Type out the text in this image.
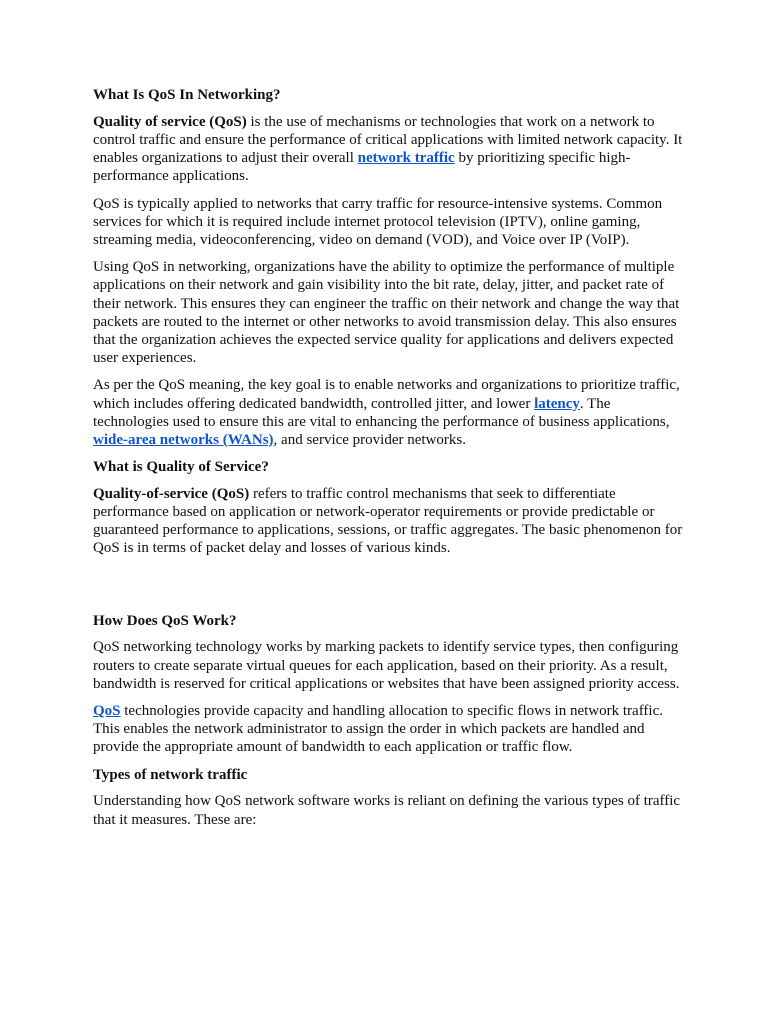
What Is QoS In Networking?

Quality of service (QoS) is the use of mechanisms or technologies that work on a network to control traffic and ensure the performance of critical applications with limited network capacity. It enables organizations to adjust their overall network traffic by prioritizing specific high-performance applications.

QoS is typically applied to networks that carry traffic for resource-intensive systems. Common services for which it is required include internet protocol television (IPTV), online gaming, streaming media, videoconferencing, video on demand (VOD), and Voice over IP (VoIP).

Using QoS in networking, organizations have the ability to optimize the performance of multiple applications on their network and gain visibility into the bit rate, delay, jitter, and packet rate of their network. This ensures they can engineer the traffic on their network and change the way that packets are routed to the internet or other networks to avoid transmission delay. This also ensures that the organization achieves the expected service quality for applications and delivers expected user experiences.

As per the QoS meaning, the key goal is to enable networks and organizations to prioritize traffic, which includes offering dedicated bandwidth, controlled jitter, and lower latency. The technologies used to ensure this are vital to enhancing the performance of business applications, wide-area networks (WANs), and service provider networks.

What is Quality of Service?

Quality-of-service (QoS) refers to traffic control mechanisms that seek to differentiate performance based on application or network-operator requirements or provide predictable or guaranteed performance to applications, sessions, or traffic aggregates. The basic phenomenon for QoS is in terms of packet delay and losses of various kinds.

How Does QoS Work?

QoS networking technology works by marking packets to identify service types, then configuring routers to create separate virtual queues for each application, based on their priority. As a result, bandwidth is reserved for critical applications or websites that have been assigned priority access.

QoS technologies provide capacity and handling allocation to specific flows in network traffic. This enables the network administrator to assign the order in which packets are handled and provide the appropriate amount of bandwidth to each application or traffic flow.

Types of network traffic

Understanding how QoS network software works is reliant on defining the various types of traffic that it measures. These are:
